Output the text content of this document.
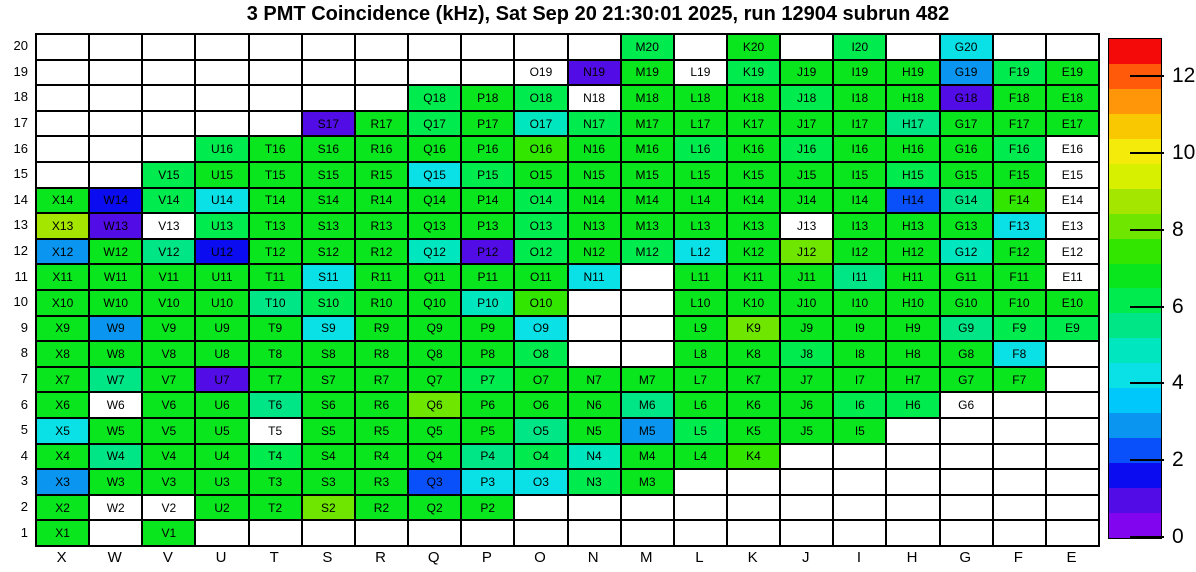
3 PMT Coincidence (kHz), Sat Sep 20 21:30:01 2025, run 12904 subrun 482
20
19
18
17
16
15
14
13
12
11
10
9
8
7
6
5
4
3
2
1
M20	K20	I20	G20
O19	N19	M19	L19	K19	J19	I19	H19	G19	F19	E19
Q18	P18	O18	N18	M18	L18	K18	J18	I18	H18	G18	F18	E18
S17	R17	Q17	P17	O17	N17	M17	L17	K17	J17	I17	H17	G17	F17	E17
U16	T16	S16	R16	Q16	P16	O16	N16	M16	L16	K16	J16	I16	H16	G16	F16	E16
V15	U15	T15	S15	R15	Q15	P15	O15	N15	M15	L15	K15	J15	I15	H15	G15	F15	E15
X14	W14	V14	U14	T14	S14	R14	Q14	P14	O14	N14	M14	L14	K14	J14	I14	H14	G14	F14	E14
X13	W13	V13	U13	T13	S13	R13	Q13	P13	O13	N13	M13	L13	K13	J13	I13	H13	G13	F13	E13
X12	W12	V12	U12	T12	S12	R12	Q12	P12	O12	N12	M12	L12	K12	J12	I12	H12	G12	F12	E12
X11	W11	V11	U11	T11	S11	R11	Q11	P11	O11	N11	L11	K11	J11	I11	H11	G11	F11	E11
X10	W10	V10	U10	T10	S10	R10	Q10	P10	O10	L10	K10	J10	I10	H10	G10	F10	E10
X9	W9	V9	U9	T9	S9	R9	Q9	P9	O9	L9	K9	J9	I9	H9	G9	F9	E9
X8	W8	V8	U8	T8	S8	R8	Q8	P8	O8	L8	K8	J8	I8	H8	G8	F8
X7	W7	V7	U7	T7	S7	R7	Q7	P7	O7	N7	M7	L7	K7	J7	I7	H7	G7	F7
X6	W6	V6	U6	T6	S6	R6	Q6	P6	O6	N6	M6	L6	K6	J6	I6	H6	G6
X5	W5	V5	U5	T5	S5	R5	Q5	P5	O5	N5	M5	L5	K5	J5	I5
X4	W4	V4	U4	T4	S4	R4	Q4	P4	O4	N4	M4	L4	K4
X3	W3	V3	U3	T3	S3	R3	Q3	P3	O3	N3	M3
X2	W2	V2	U2	T2	S2	R2	Q2	P2
X1	V1
X	W	V	U	T	S	R	Q	P	O	N	M	L	K	J	I	H	G	F	E
0
2
4
6
8
10
12
